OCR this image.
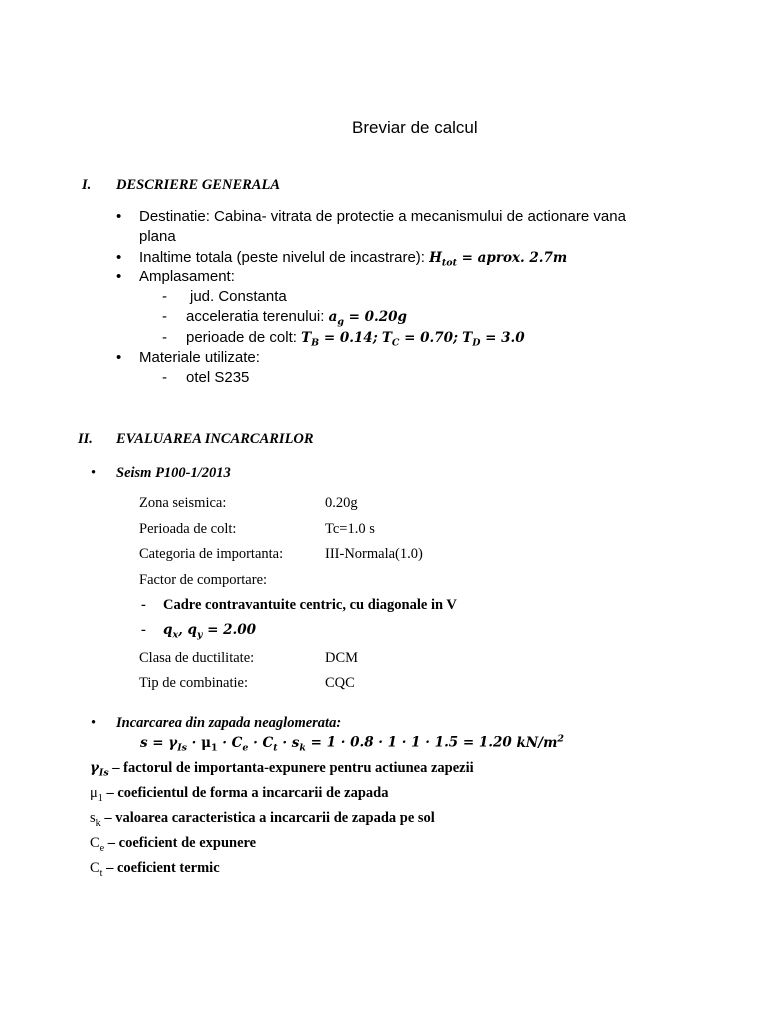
Breviar de calcul
I. DESCRIERE GENERALA
•
Destinatie: Cabina- vitrata de protectie a mecanismului de actionare vana
plana
•
Inaltime totala (peste nivelul de incastrare): $H_{tot}$ = aprox. 2.7m
•
Amplasament:
- jud. Constanta
- acceleratia terenului: $a_g = 0.20g$
- perioade de colt: $T_B = 0.14$; $T_C = 0.70$; $T_D = 3.0$
•
Materiale utilizate:
- otel S235
II. EVALUAREA INCARCARILOR
•
Seism P100-1/2013
Zona seismica:	0.20g
Perioada de colt:	Tc=1.0 s
Categoria de importanta:	III-Normala(1.0)
Factor de comportare:
- Cadre contravantuite centric, cu diagonale in V
- $q_x$, $q_y = 2.00$
Clasa de ductilitate:	DCM
Tip de combinatie:	CQC
•
Incarcarea din zapada neaglomerata:
$s = \gamma_{Is} \cdot \mu_1 \cdot C_e \cdot C_t \cdot s_k = 1 \cdot 0.8 \cdot 1 \cdot 1 \cdot 1.5 = 1.20$ $kN/m^2$
$\gamma_{Is}$ – factorul de importanta-expunere pentru actiunea zapezii
$\mu_1$ – coeficientul de forma a incarcarii de zapada
$s_k$ – valoarea caracteristica a incarcarii de zapada pe sol
$C_e$ – coeficient de expunere
$C_t$ – coeficient termic
